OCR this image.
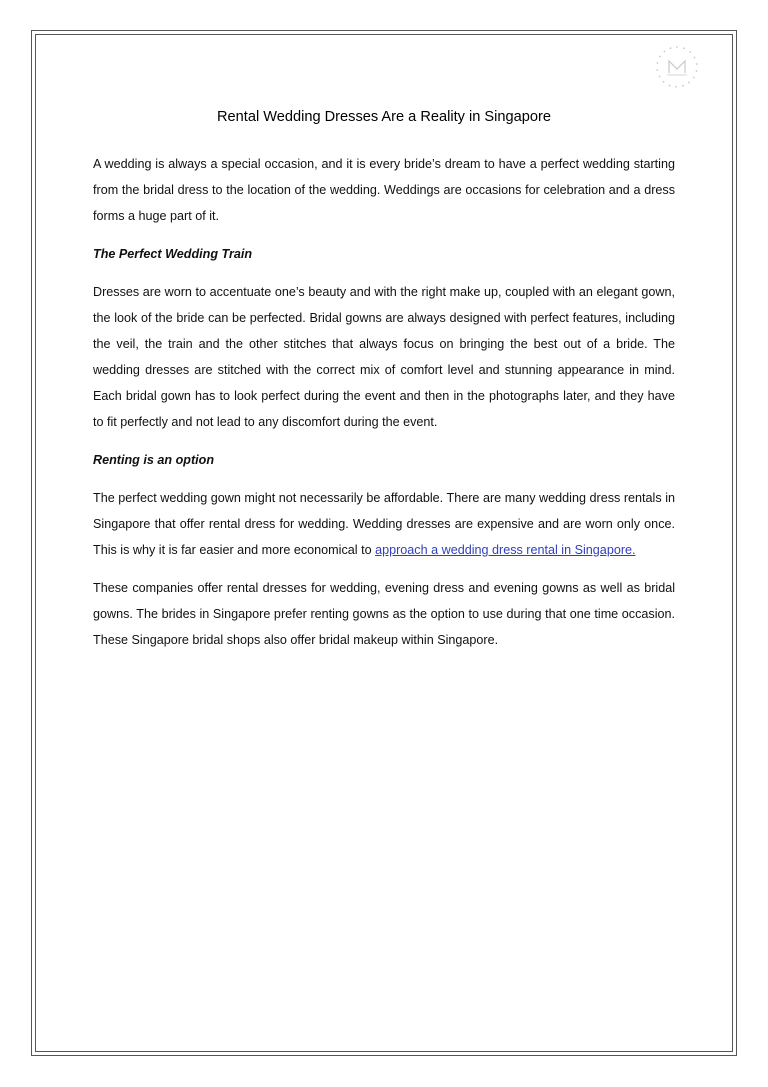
Rental Wedding Dresses Are a Reality in Singapore

A wedding is always a special occasion, and it is every bride’s dream to have a perfect wedding starting from the bridal dress to the location of the wedding. Weddings are occasions for celebration and a dress forms a huge part of it.

The Perfect Wedding Train

Dresses are worn to accentuate one’s beauty and with the right make up, coupled with an elegant gown, the look of the bride can be perfected. Bridal gowns are always designed with perfect features, including the veil, the train and the other stitches that always focus on bringing the best out of a bride. The wedding dresses are stitched with the correct mix of comfort level and stunning appearance in mind. Each bridal gown has to look perfect during the event and then in the photographs later, and they have to fit perfectly and not lead to any discomfort during the event.

Renting is an option

The perfect wedding gown might not necessarily be affordable. There are many wedding dress rentals in Singapore that offer rental dress for wedding. Wedding dresses are expensive and are worn only once. This is why it is far easier and more economical to approach a wedding dress rental in Singapore.

These companies offer rental dresses for wedding, evening dress and evening gowns as well as bridal gowns. The brides in Singapore prefer renting gowns as the option to use during that one time occasion. These Singapore bridal shops also offer bridal makeup within Singapore.
